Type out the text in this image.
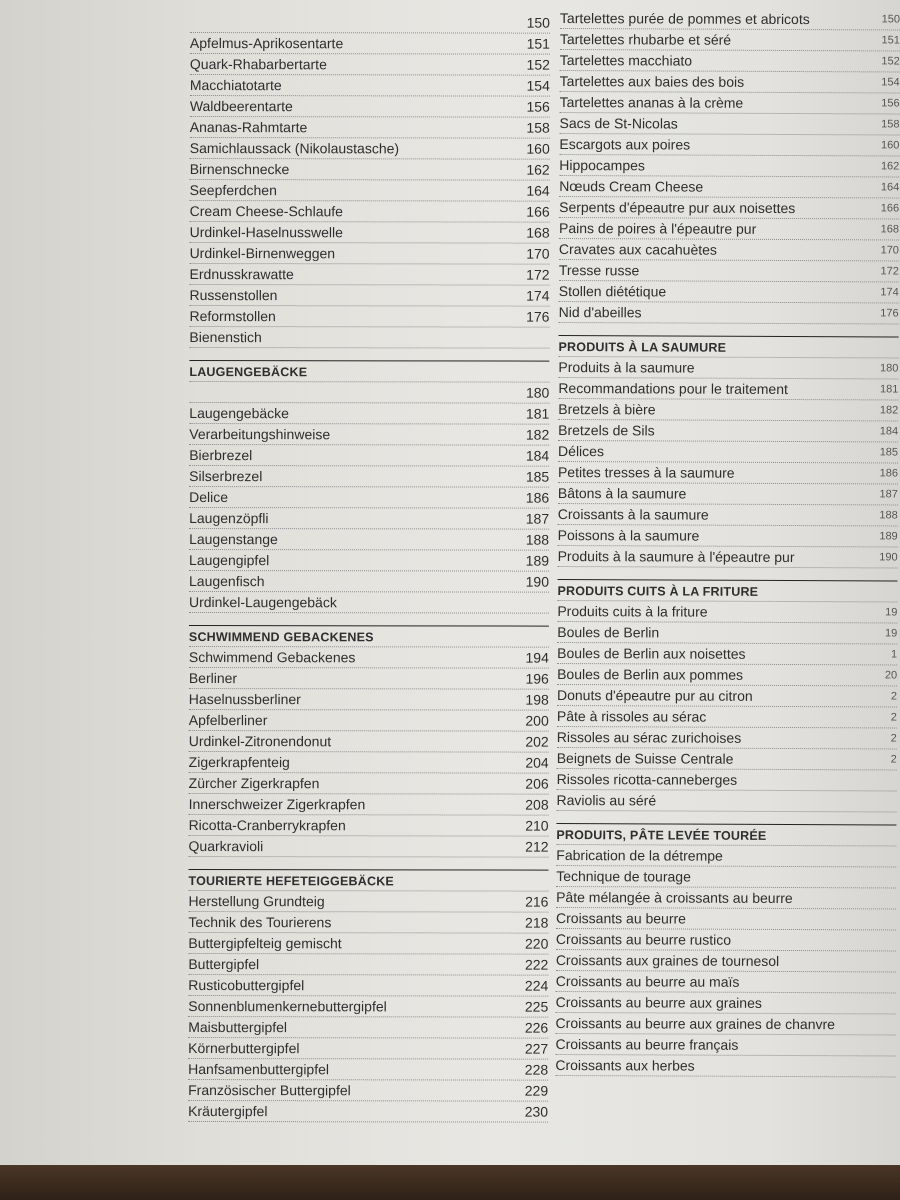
150
Apfelmus-Aprikosentarte	151
Quark-Rhabarbertarte	152
Macchiatotarte	154
Waldbeerentarte	156
Ananas-Rahmtarte	158
Samichlaussack (Nikolaustasche)	160
Birnenschnecke	162
Seepferdchen	164
Cream Cheese-Schlaufe	166
Urdinkel-Haselnusswelle	168
Urdinkel-Birnenweggen	170
Erdnusskrawatte	172
Russenstollen	174
Reformstollen	176
Bienenstich
LAUGENGEBÄCKE
180
Laugengebäcke	181
Verarbeitungshinweise	182
Bierbrezel	184
Silserbrezel	185
Delice	186
Laugenzöpfli	187
Laugenstange	188
Laugengipfel	189
Laugenfisch	190
Urdinkel-Laugengebäck
SCHWIMMEND GEBACKENES
Schwimmend Gebackenes	194
Berliner	196
Haselnussberliner	198
Apfelberliner	200
Urdinkel-Zitronendonut	202
Zigerkrapfenteig	204
Zürcher Zigerkrapfen	206
Innerschweizer Zigerkrapfen	208
Ricotta-Cranberrykrapfen	210
Quarkravioli	212
TOURIERTE HEFETEIGGEBÄCKE
Herstellung Grundteig	216
Technik des Tourierens	218
Buttergipfelteig gemischt	220
Buttergipfel	222
Rusticobuttergipfel	224
Sonnenblumenkernebuttergipfel	225
Maisbuttergipfel	226
Körnerbuttergipfel	227
Hanfsamenbuttergipfel	228
Französischer Buttergipfel	229
Kräutergipfel	230
Tartelettes purée de pommes et abricots	150
Tartelettes rhubarbe et séré	151
Tartelettes macchiato	152
Tartelettes aux baies des bois	154
Tartelettes ananas à la crème	156
Sacs de St-Nicolas	158
Escargots aux poires	160
Hippocampes	162
Nœuds Cream Cheese	164
Serpents d'épeautre pur aux noisettes	166
Pains de poires à l'épeautre pur	168
Cravates aux cacahuètes	170
Tresse russe	172
Stollen diététique	174
Nid d'abeilles	176
PRODUITS À LA SAUMURE
Produits à la saumure	180
Recommandations pour le traitement	181
Bretzels à bière	182
Bretzels de Sils	184
Délices	185
Petites tresses à la saumure	186
Bâtons à la saumure	187
Croissants à la saumure	188
Poissons à la saumure	189
Produits à la saumure à l'épeautre pur	190
PRODUITS CUITS À LA FRITURE
Produits cuits à la friture	19
Boules de Berlin	19
Boules de Berlin aux noisettes	1
Boules de Berlin aux pommes	20
Donuts d'épeautre pur au citron	2
Pâte à rissoles au sérac	2
Rissoles au sérac zurichoises	2
Beignets de Suisse Centrale	2
Rissoles ricotta-canneberges
Raviolis au séré
PRODUITS, PÂTE LEVÉE TOURÉE
Fabrication de la détrempe
Technique de tourage
Pâte mélangée à croissants au beurre
Croissants au beurre
Croissants au beurre rustico
Croissants aux graines de tournesol
Croissants au beurre au maïs
Croissants au beurre aux graines
Croissants au beurre aux graines de chanvre
Croissants au beurre français
Croissants aux herbes
